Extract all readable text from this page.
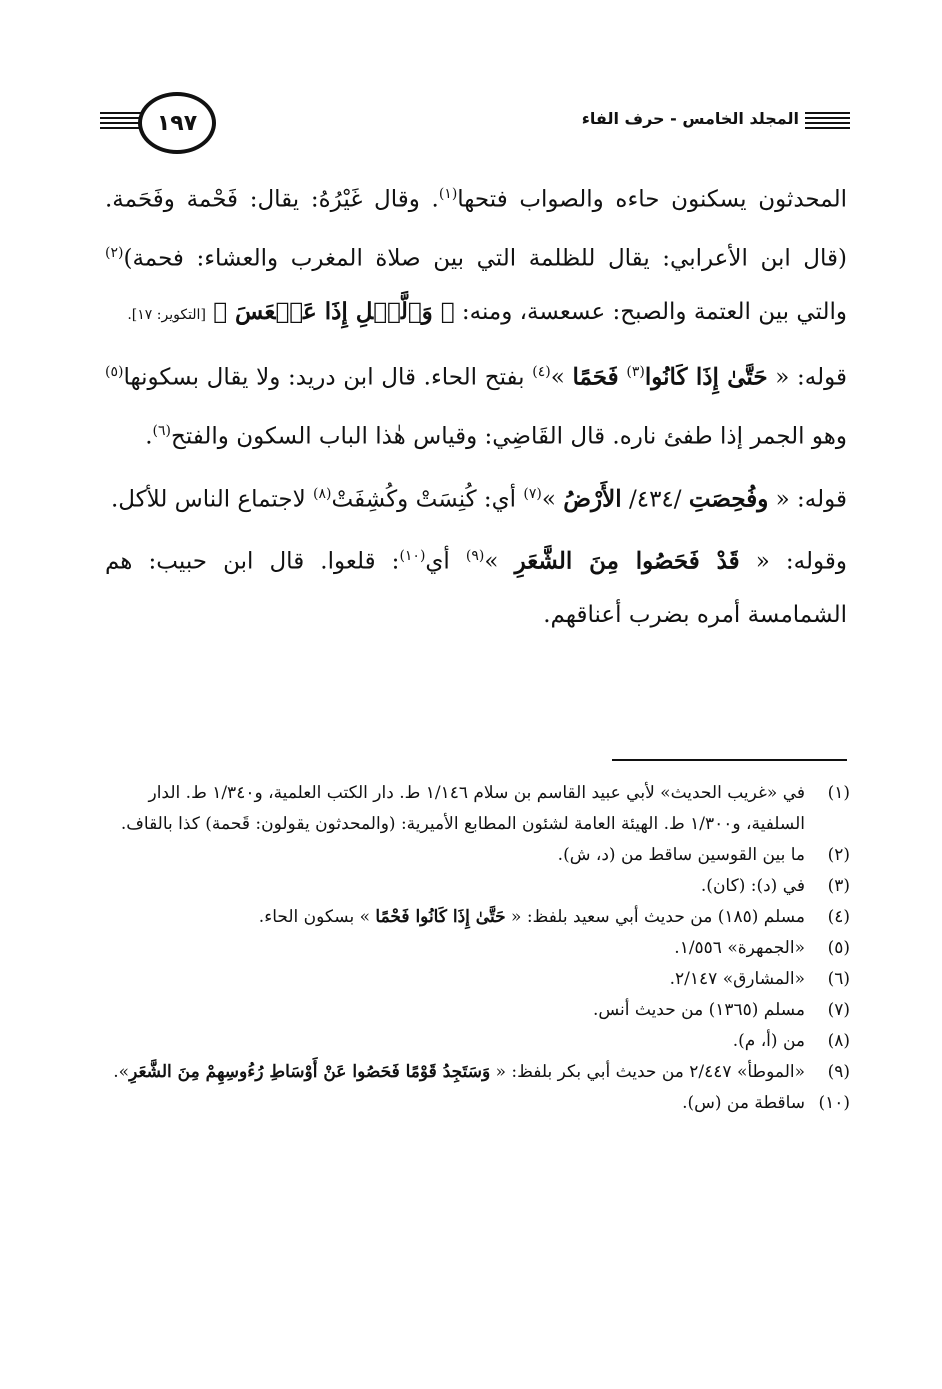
المجلد الخامس - حرف الفاء
١٩٧

المحدثون يسكنون حاءه والصواب فتحها$^{(١)}$. وقال غَيْرُهُ: يقال: فَحْمة وفَحَمة. (قال ابن الأعرابي: يقال للظلمة التي بين صلاة المغرب والعشاء: فحمة)$^{(٢)}$ والتي بين العتمة والصبح: عسعسة، ومنه: ﴿ وَٱلَّيۡلِ إِذَا عَسۡعَسَ ﴾ [التكوير: ١٧].

قوله: « حَتَّىٰ إِذَا كَانُوا$^{(٣)}$ فَحَمًا »$^{(٤)}$ بفتح الحاء. قال ابن دريد: ولا يقال بسكونها$^{(٥)}$ وهو الجمر إذا طفئ ناره. قال القَاضِي: وقياس هٰذا الباب السكون والفتح$^{(٦)}$.

قوله: « وفُحِصَتِ /٤٣٤/ الأَرْضُ »$^{(٧)}$ أي: كُنِسَتْ وكُشِفَتْ$^{(٨)}$ لاجتماع الناس للأكل.

وقوله: « قَدْ فَحَصُوا مِنَ الشَّعَرِ »$^{(٩)}$ أي$^{(١٠)}$: قلعوا. قال ابن حبيب: هم الشمامسة أمره بضرب أعناقهم.

(١)
في «غريب الحديث» لأبي عبيد القاسم بن سلام ١/١٤٦ ط. دار الكتب العلمية، و١/٣٤٠ ط. الدار السلفية، و١/٣٠٠ ط. الهيئة العامة لشئون المطابع الأميرية: (والمحدثون يقولون: قَحمة) كذا بالقاف.
(٢)
ما بين القوسين ساقط من (د، ش).
(٣)
في (د): (كان).
(٤)
مسلم (١٨٥) من حديث أبي سعيد بلفظ: « حَتَّىٰ إِذَا كَانُوا فَحْمًا » بسكون الحاء.
(٥)
«الجمهرة» ١/٥٥٦.
(٦)
«المشارق» ٢/١٤٧.
(٧)
مسلم (١٣٦٥) من حديث أنس.
(٨)
من (أ، م).
(٩)
«الموطأ» ٢/٤٤٧ من حديث أبي بكر بلفظ: « وَسَتَجِدُ قَوْمًا فَحَصُوا عَنْ أَوْسَاطِ رُءُوسِهِمْ مِنَ الشَّعَرِ».
(١٠)
ساقطة من (س).
